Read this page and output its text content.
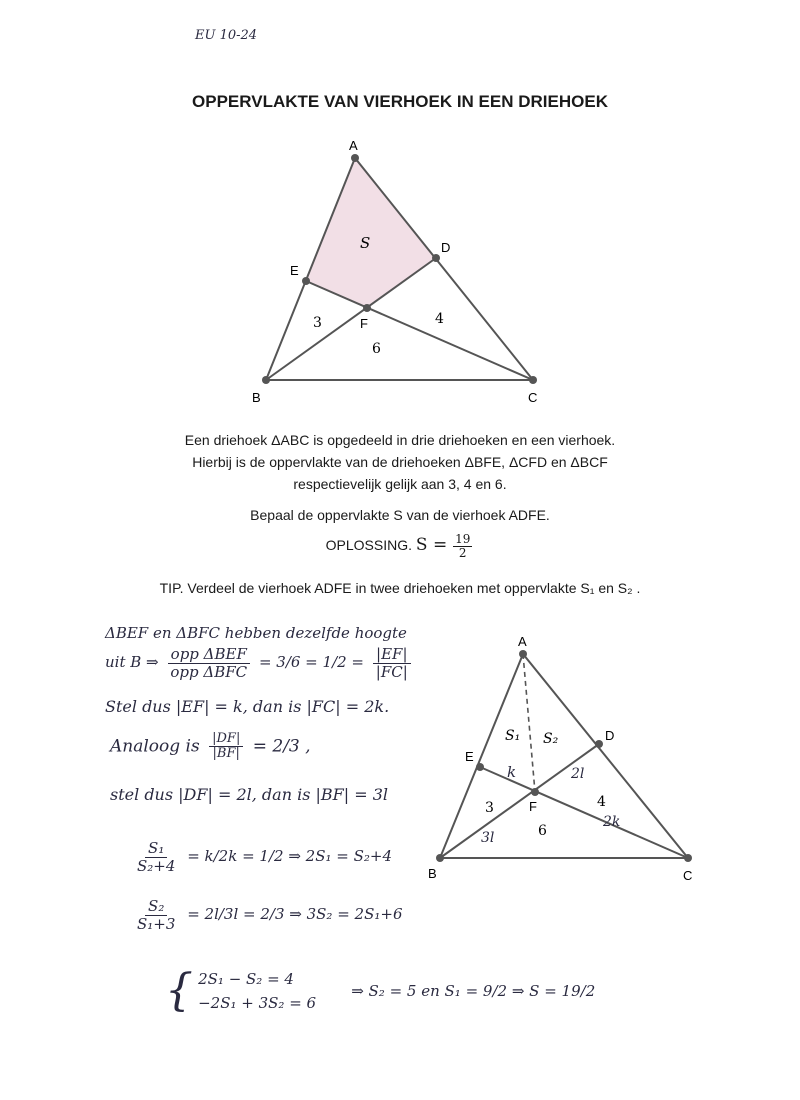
EU 10-24
OPPERVLAKTE VAN VIERHOEK IN EEN DRIEHOEK
A
B	C
D
E
F
S
3	4
6
Een driehoek ΔABC is opgedeeld in drie driehoeken en een vierhoek.
Hierbij is de oppervlakte van de driehoeken ΔBFE, ΔCFD en ΔBCF
respectievelijk gelijk aan 3, 4 en 6.
Bepaal de oppervlakte S van de vierhoek ADFE.
OPLOSSING. $S = \frac{19}{2}$
TIP. Verdeel de vierhoek ADFE in twee driehoeken met oppervlakte S₁ en S₂ .
ΔBEF en ΔBFC hebben dezelfde hoogte
uit B ⇒ $\frac{\text{opp ΔBEF}}{\text{opp ΔBFC}} = 3/6 = 1/2 = \frac{|EF|}{|FC|}$
Stel dus |EF| = k, dan is |FC| = 2k.
Analoog is $\frac{|DF|}{|BF|} = 2/3$ ,
stel dus |DF| = 2l, dan is |BF| = 3l
$\frac{\text{S₁}}{\text{S₂+4}} = k/2k = 1/2$ ⇒ 2S₁ = S₂+4
$\frac{\text{S₂}}{\text{S₁+3}} = 2l/3l = 2/3$ ⇒ 3S₂ = 2S₁+6
{ 2S₁ − S₂ = 4
−2S₁ + 3S₂ = 6
⇒ S₂ = 5 en S₁ = 9/2 ⇒ S = 19/2
A
B	C
D
E
F
S₁ S₂
3	4
6
k	2l
2k
3l
